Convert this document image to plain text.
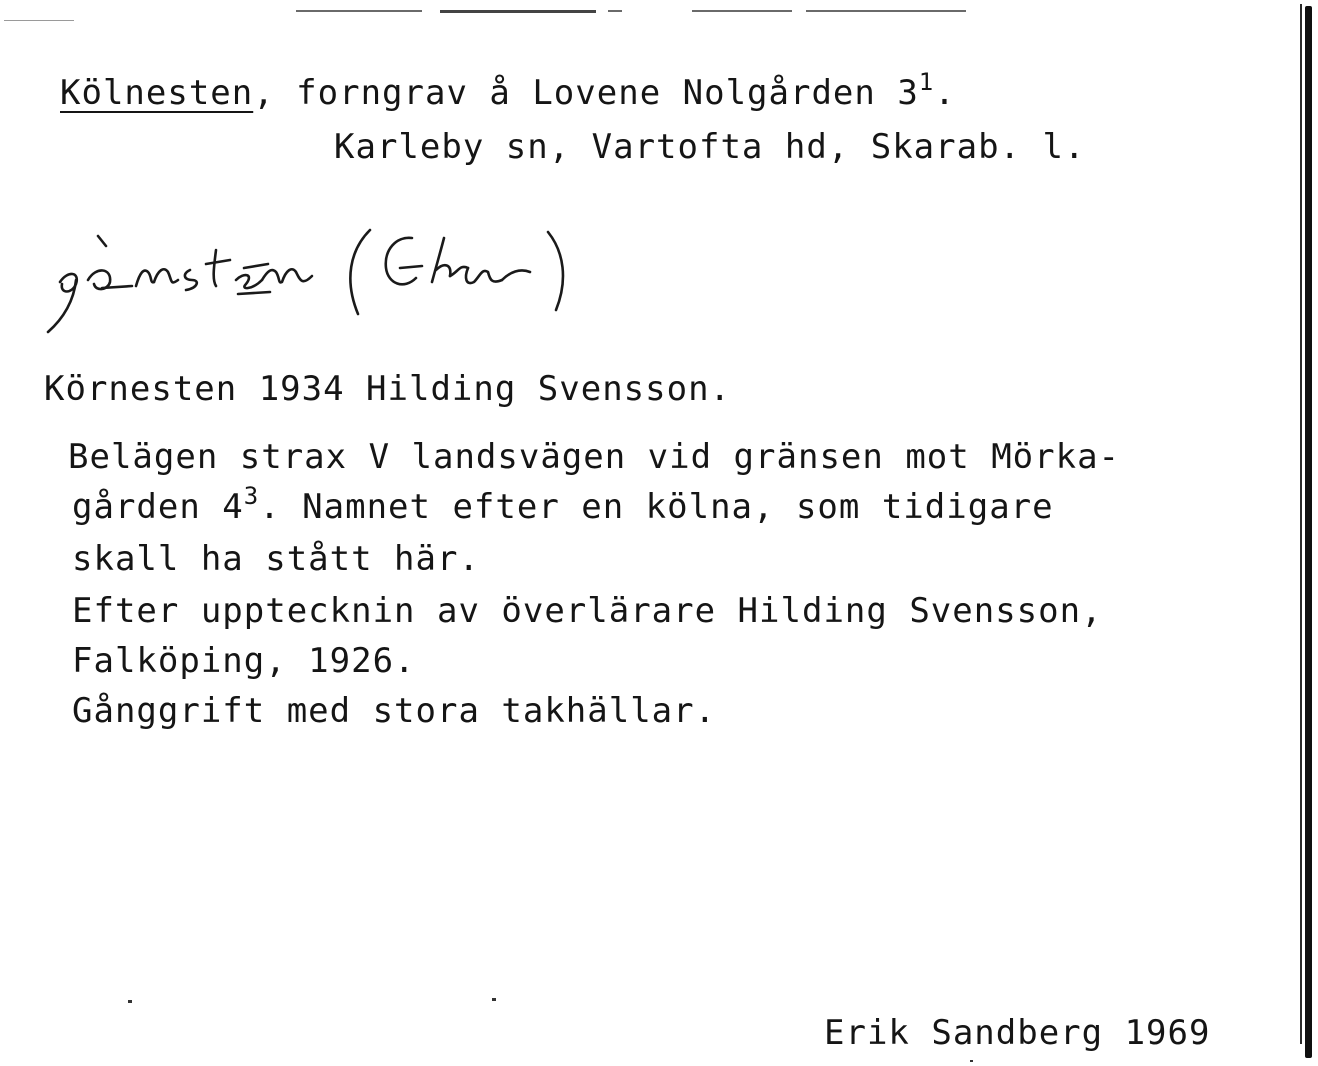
Kölnesten, forngrav å Lovene Nolgården $3^1$.
Karleby sn, Vartofta hd, Skarab. l.
Körnesten 1934 Hilding Svensson.
Belägen strax V landsvägen vid gränsen mot Mörka-
gården $4^3$. Namnet efter en kölna, som tidigare
skall ha stått här.
Efter upptecknin av överlärare Hilding Svensson,
Falköping, 1926.
Gånggrift med stora takhällar.
Erik Sandberg 1969
